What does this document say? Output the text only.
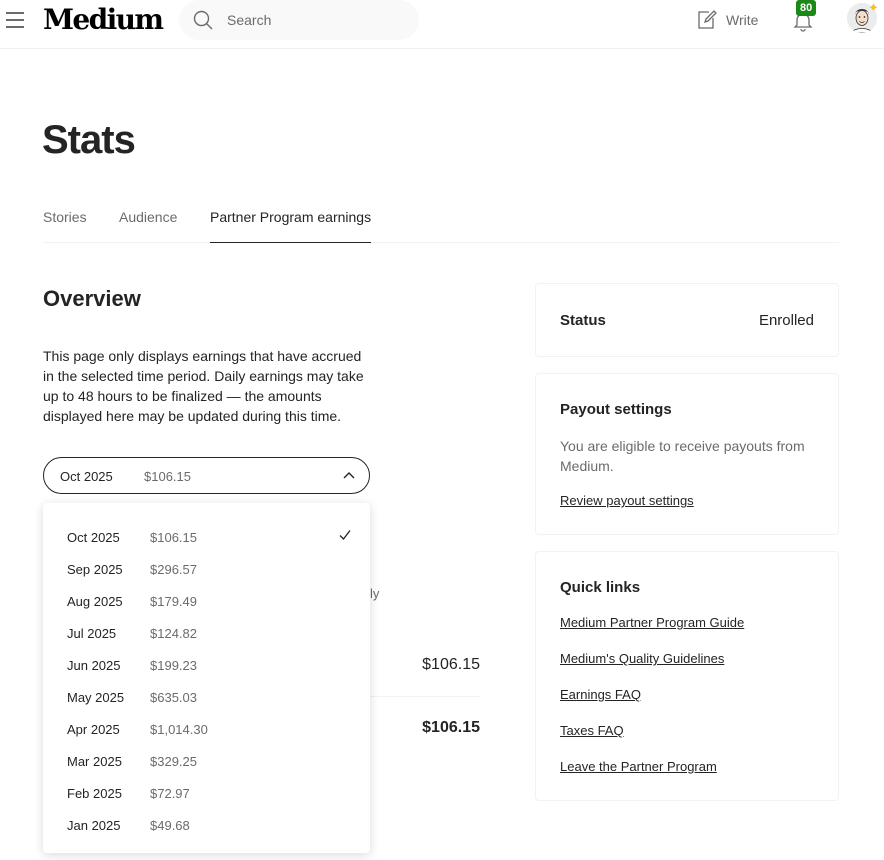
Medium
Search	Write
80	✦
Stats
Stories Audience Partner Program earnings
Overview
This page only displays earnings that have accrued in the selected time period. Daily earnings may take up to 48 hours to be finalized — the amounts displayed here may be updated during this time.
Oct 2025 $106.15
ly
$106.15
$106.15
Oct 2025 $106.15
Sep 2025 $296.57
Aug 2025 $179.49
Jul 2025	$124.82
Jun 2025 $199.23
May 2025 $635.03
Apr 2025 $1,014.30
Mar 2025 $329.25
Feb 2025 $72.97
Jan 2025 $49.68
Status	Enrolled
Payout settings
You are eligible to receive payouts from Medium.
Review payout settings
Quick links
Medium Partner Program Guide
Medium's Quality Guidelines
Earnings FAQ
Taxes FAQ
Leave the Partner Program
